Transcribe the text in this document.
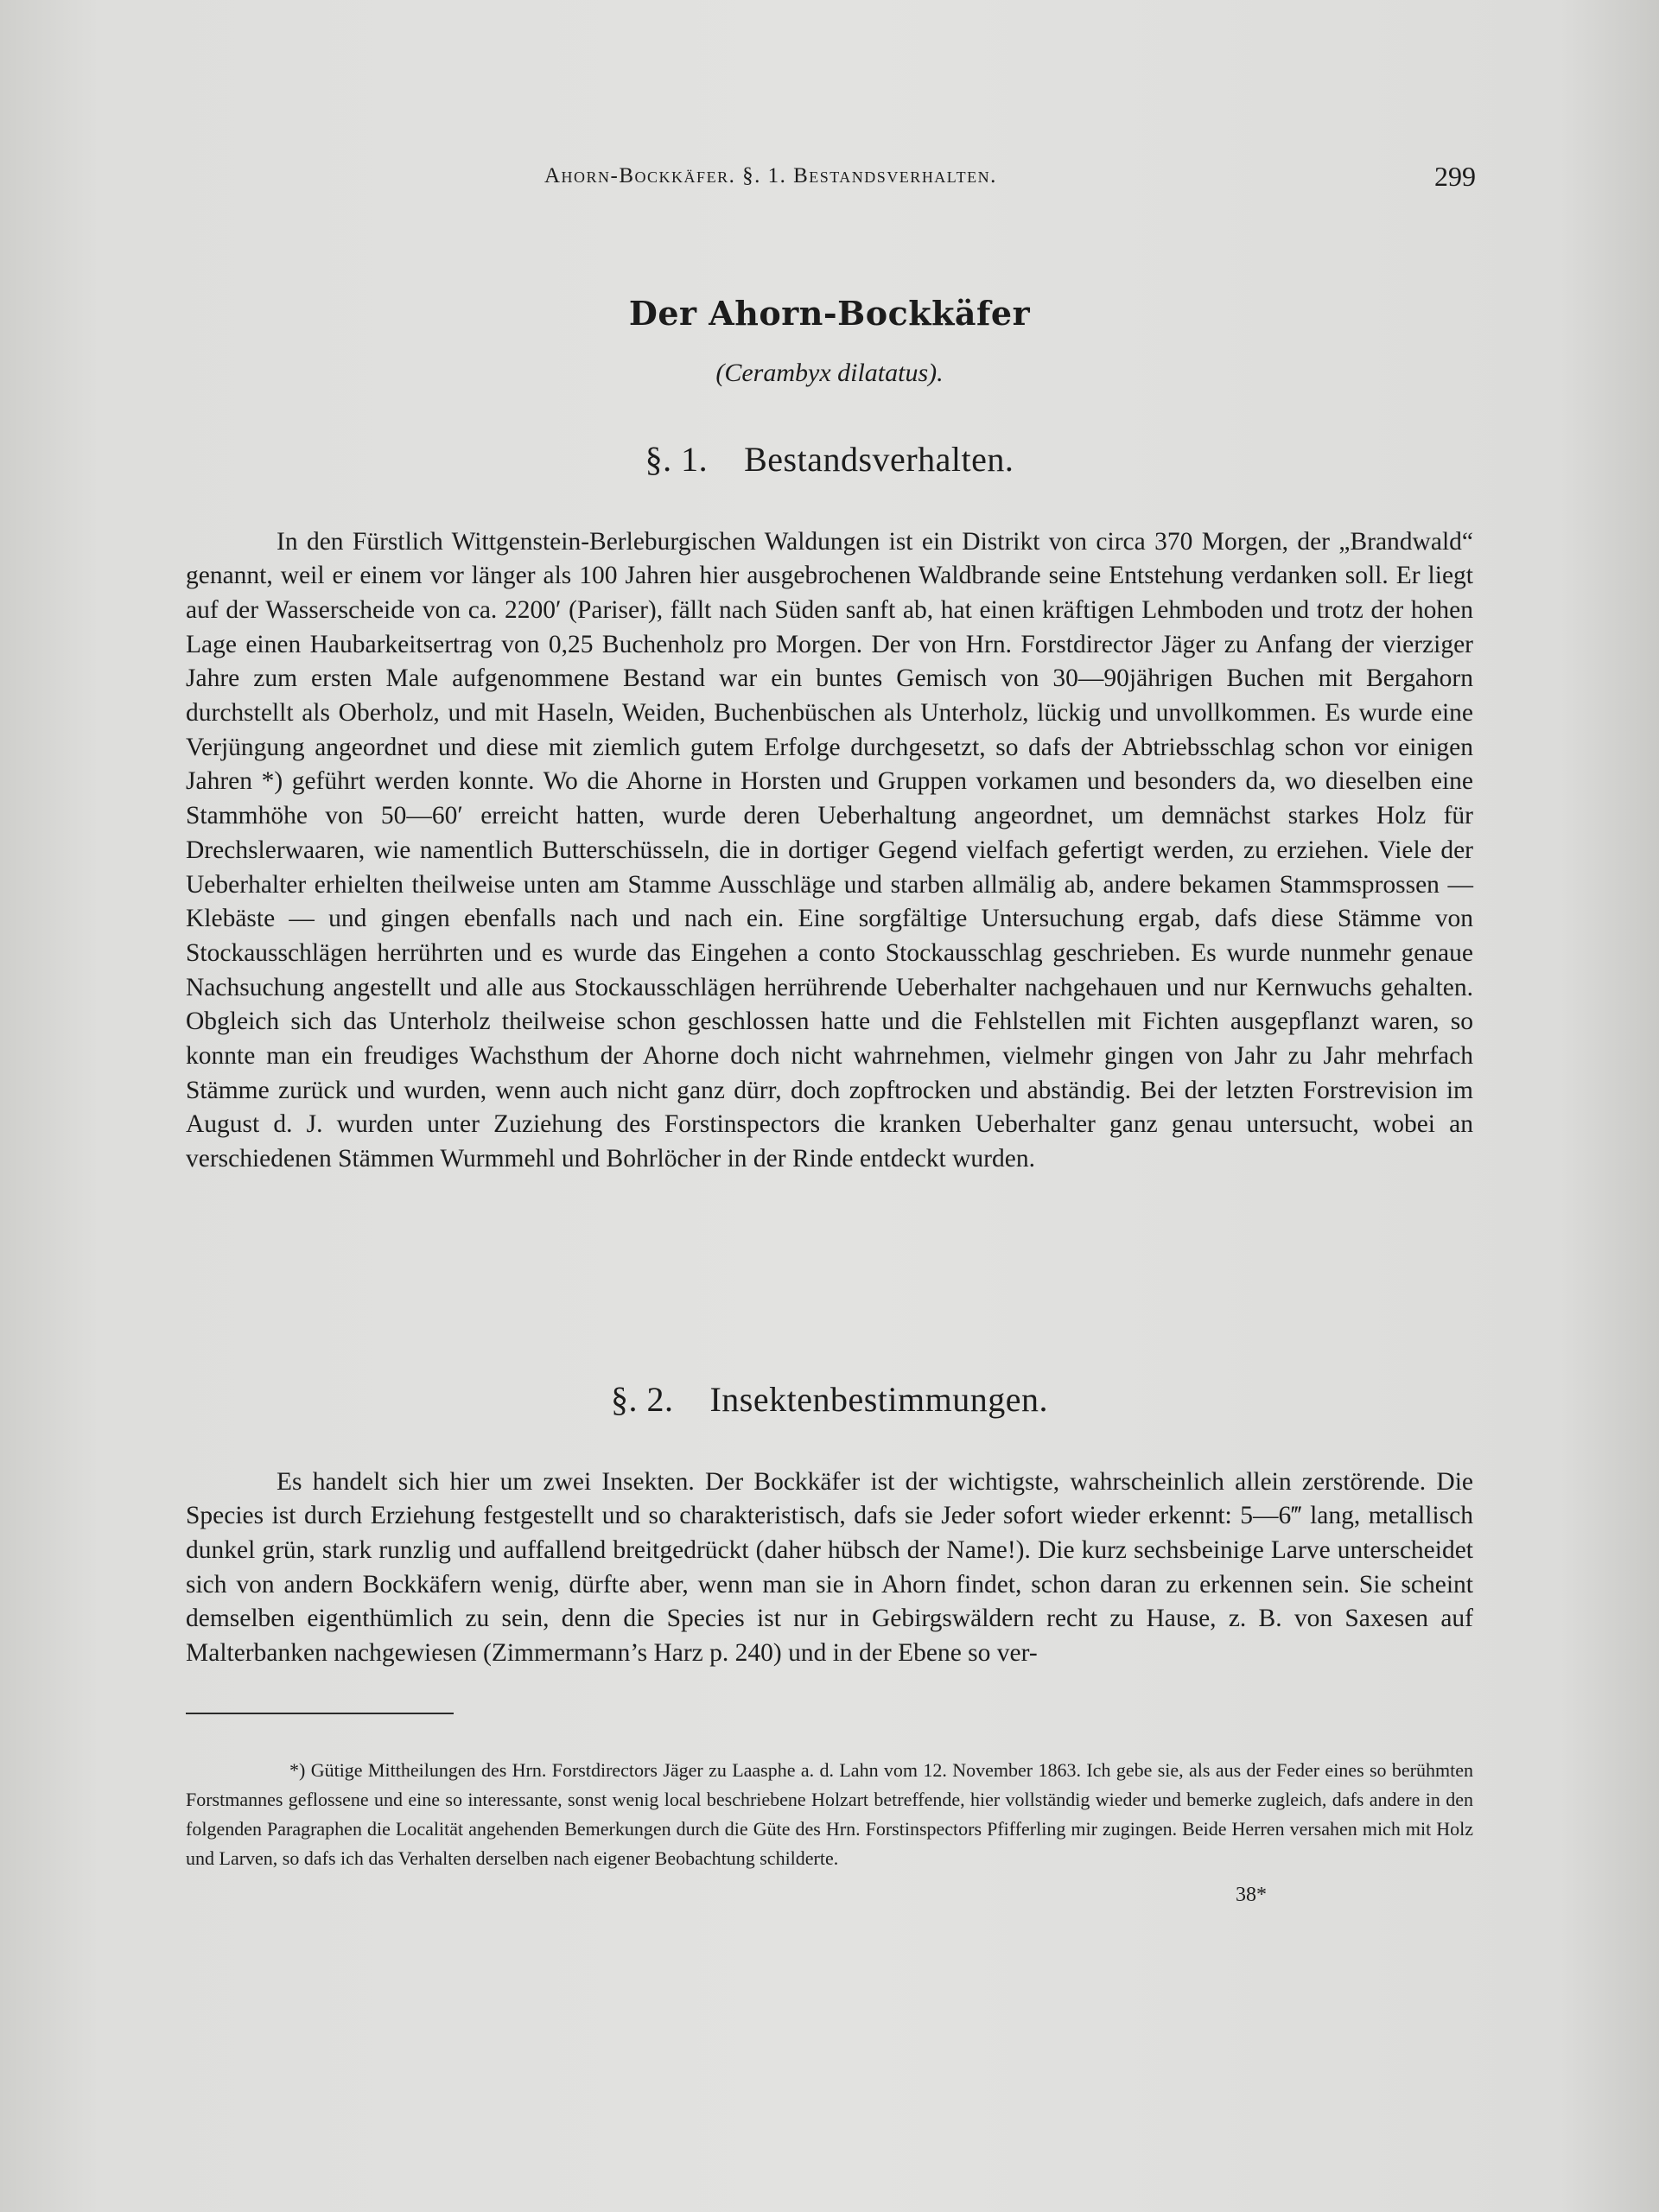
Ahorn-Bockkäfer. §. 1. Bestandsverhalten.	299
Der Ahorn-Bockkäfer
(Cerambyx dilatatus).
§. 1. Bestandsverhalten.

In den Fürstlich Wittgenstein-Berleburgischen Waldungen ist ein Distrikt von circa 370 Morgen, der „Brandwald“ genannt, weil er einem vor länger als 100 Jahren hier ausgebrochenen Waldbrande seine Entstehung verdanken soll. Er liegt auf der Wasserscheide von ca. 2200′ (Pariser), fällt nach Süden sanft ab, hat einen kräftigen Lehmboden und trotz der hohen Lage einen Haubarkeitsertrag von 0,25 Buchenholz pro Morgen. Der von Hrn. Forstdirector Jäger zu Anfang der vierziger Jahre zum ersten Male aufgenommene Bestand war ein buntes Gemisch von 30—90jährigen Buchen mit Bergahorn durchstellt als Oberholz, und mit Haseln, Weiden, Buchenbüschen als Unterholz, lückig und unvollkommen. Es wurde eine Verjüngung angeordnet und diese mit ziemlich gutem Erfolge durchgesetzt, so dafs der Abtriebsschlag schon vor einigen Jahren *) geführt werden konnte. Wo die Ahorne in Horsten und Gruppen vorkamen und besonders da, wo dieselben eine Stammhöhe von 50—60′ erreicht hatten, wurde deren Ueberhaltung angeordnet, um demnächst starkes Holz für Drechslerwaaren, wie namentlich Butterschüsseln, die in dortiger Gegend vielfach gefertigt werden, zu erziehen. Viele der Ueberhalter erhielten theilweise unten am Stamme Ausschläge und starben allmälig ab, andere bekamen Stammsprossen — Klebäste — und gingen ebenfalls nach und nach ein. Eine sorgfältige Untersuchung ergab, dafs diese Stämme von Stockausschlägen herrührten und es wurde das Eingehen a conto Stockausschlag geschrieben. Es wurde nunmehr genaue Nachsuchung angestellt und alle aus Stockausschlägen herrührende Ueberhalter nachgehauen und nur Kernwuchs gehalten. Obgleich sich das Unterholz theilweise schon geschlossen hatte und die Fehlstellen mit Fichten ausgepflanzt waren, so konnte man ein freudiges Wachsthum der Ahorne doch nicht wahrnehmen, vielmehr gingen von Jahr zu Jahr mehrfach Stämme zurück und wurden, wenn auch nicht ganz dürr, doch zopftrocken und abständig. Bei der letzten Forstrevision im August d. J. wurden unter Zuziehung des Forstinspectors die kranken Ueberhalter ganz genau untersucht, wobei an verschiedenen Stämmen Wurmmehl und Bohrlöcher in der Rinde entdeckt wurden.

§. 2. Insektenbestimmungen.

Es handelt sich hier um zwei Insekten. Der Bockkäfer ist der wichtigste, wahrscheinlich allein zerstörende. Die Species ist durch Erziehung festgestellt und so charakteristisch, dafs sie Jeder sofort wieder erkennt: 5—6‴ lang, metallisch dunkel grün, stark runzlig und auffallend breitgedrückt (daher hübsch der Name!). Die kurz sechsbeinige Larve unterscheidet sich von andern Bockkäfern wenig, dürfte aber, wenn man sie in Ahorn findet, schon daran zu erkennen sein. Sie scheint demselben eigenthümlich zu sein, denn die Species ist nur in Gebirgswäldern recht zu Hause, z. B. von Saxesen auf Malterbanken nachgewiesen (Zimmermann’s Harz p. 240) und in der Ebene so ver-

*) Gütige Mittheilungen des Hrn. Forstdirectors Jäger zu Laasphe a. d. Lahn vom 12. November 1863. Ich gebe sie, als aus der Feder eines so berühmten Forstmannes geflossene und eine so interessante, sonst wenig local beschriebene Holzart betreffende, hier vollständig wieder und bemerke zugleich, dafs andere in den folgenden Paragraphen die Localität angehenden Bemerkungen durch die Güte des Hrn. Forstinspectors Pfifferling mir zugingen. Beide Herren versahen mich mit Holz und Larven, so dafs ich das Verhalten derselben nach eigener Beobachtung schilderte.

38*
